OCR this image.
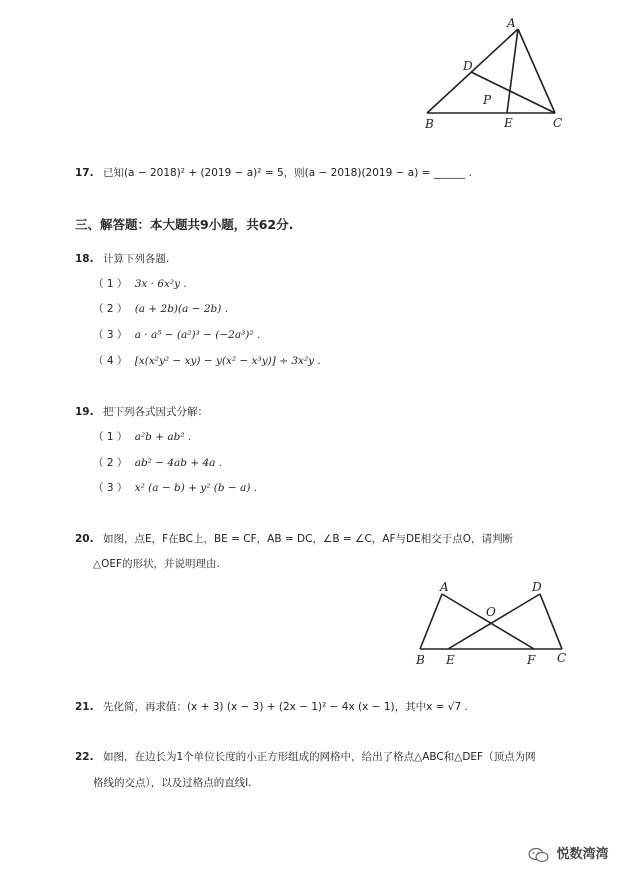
A
D
P
B	E	C
17. 已知(a − 2018)² + (2019 − a)² = 5，则(a − 2018)(2019 − a) = ______ .
三、解答题：本大题共9小题，共62分.
18. 计算下列各题.
（ 1 ） 3x · 6x²y .
（ 2 ） (a + 2b)(a − 2b) .
（ 3 ） a · a⁵ − (a²)³ − (−2a³)² .
（ 4 ） [x(x²y² − xy) − y(x² − x³y)] ÷ 3x²y .
19. 把下列各式因式分解：
（ 1 ） a²b + ab² .
（ 2 ） ab² − 4ab + 4a .
（ 3 ） x² (a − b) + y² (b − a) .
20. 如图，点E，F在BC上，BE = CF，AB = DC，∠B = ∠C，AF与DE相交于点O，请判断
△OEF的形状，并说明理由.
A	D
O
B E	F C
21. 先化简，再求值：(x + 3) (x − 3) + (2x − 1)² − 4x (x − 1)，其中x = √7 .
22. 如图，在边长为1个单位长度的小正方形组成的网格中，给出了格点△ABC和△DEF（顶点为网
格线的交点），以及过格点的直线l.
悦数湾湾
